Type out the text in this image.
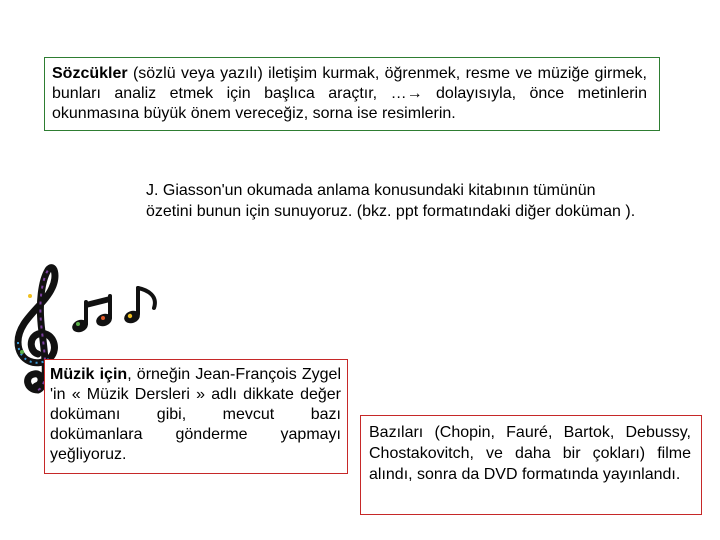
Sözcükler (sözlü veya yazılı) iletişim kurmak, öğrenmek, resme ve müziğe girmek, bunları analiz etmek için başlıca araçtır, …→ dolayısıyla, önce metinlerin okunmasına büyük önem vereceğiz, sorna ise resimlerin.
J. Giasson'un okumada anlama konusundaki kitabının tümünün özetini bunun için sunuyoruz. (bkz. ppt formatındaki diğer doküman ).
Müzik için, örneğin Jean-François Zygel 'in « Müzik Dersleri » adlı dikkate değer dokümanı gibi, mevcut bazı dokümanlara gönderme yapmayı yeğliyoruz.
Bazıları (Chopin, Fauré, Bartok, Debussy, Chostakovitch, ve daha bir çokları) filme alındı, sonra da DVD formatında yayınlandı.
